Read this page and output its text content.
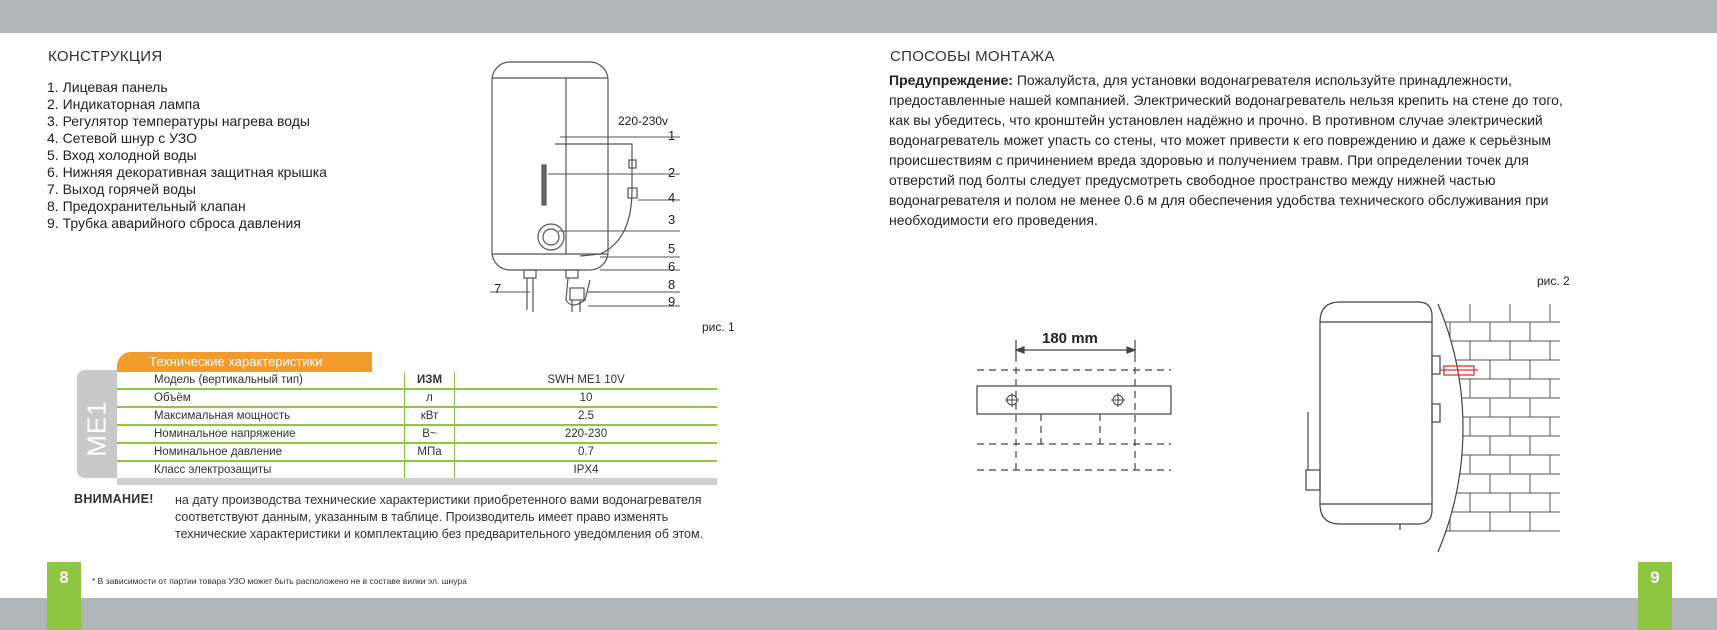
8	9
КОНСТРУКЦИЯ
1. Лицевая панель
2. Индикаторная лампа
3. Регулятор температуры нагрева воды
4. Сетевой шнур с УЗО
5. Вход холодной воды
6. Нижняя декоративная защитная крышка
7. Выход горячей воды
8. Предохранительный клапан
9. Трубка аварийного сброса давления
220-230v
1
2
4
3
5
6
8
9
7
рис. 1
ME1
Технические характеристики
Модель (вертикальный тип)	ИЗМ	SWH ME1 10V
Объём	л	10
Максимальная мощность	кВт	2.5
Номинальное напряжение	В~	220-230
Номинальное давление	МПа	0.7
Класс электрозащиты		IPX4
ВНИМАНИЕ! на дату производства технические характеристики приобретенного вами водонагревателя
соответствуют данным, указанным в таблице. Производитель имеет право изменять
технические характеристики и комплектацию без предварительного уведомления об этом.
* В зависимости от партии товара УЗО может быть расположено не в составе вилки эл. шнура
СПОСОБЫ МОНТАЖА
Предупреждение: Пожалуйста, для установки водонагревателя используйте принадлежности,
предоставленные нашей компанией. Электрический водонагреватель нельзя крепить на стене до того,
как вы убедитесь, что кронштейн установлен надёжно и прочно. В противном случае электрический
водонагреватель может упасть со стены, что может привести к его повреждению и даже к серьёзным
происшествиям с причинением вреда здоровью и получением травм. При определении точек для
отверстий под болты следует предусмотреть свободное пространство между нижней частью
водонагревателя и полом не менее 0.6 м для обеспечения удобства технического обслуживания при
необходимости его проведения.
180 mm
рис. 2
